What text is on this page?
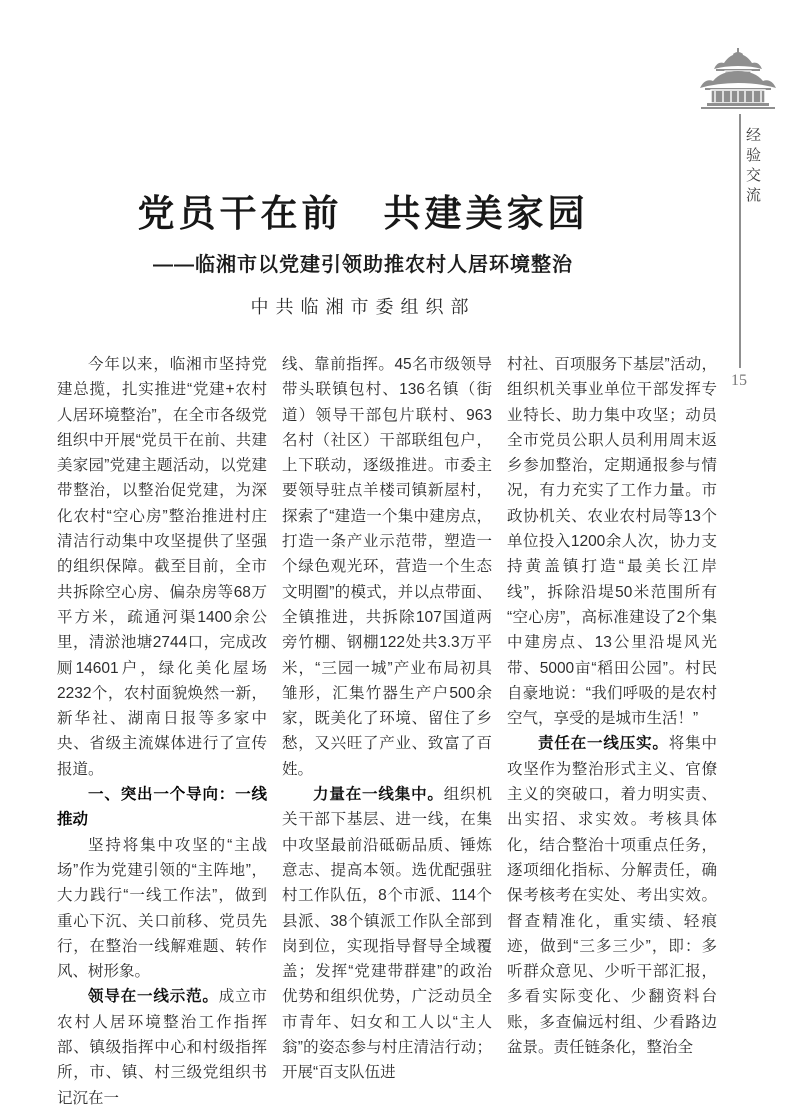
经验交流
15
党员干在前　共建美家园
——临湘市以党建引领助推农村人居环境整治
中共临湘市委组织部

今年以来，临湘市坚持党建总揽，扎实推进“党建+农村人居环境整治”，在全市各级党组织中开展“党员干在前、共建美家园”党建主题活动，以党建带整治，以整治促党建，为深化农村“空心房”整治推进村庄清洁行动集中攻坚提供了坚强的组织保障。截至目前，全市共拆除空心房、偏杂房等68万平方米，疏通河渠1400余公里，清淤池塘2744口，完成改厕14601户，绿化美化屋场2232个，农村面貌焕然一新，新华社、湖南日报等多家中央、省级主流媒体进行了宣传报道。

一、突出一个导向：一线推动

坚持将集中攻坚的“主战场”作为党建引领的“主阵地”，大力践行“一线工作法”，做到重心下沉、关口前移、党员先行，在整治一线解难题、转作风、树形象。

领导在一线示范。成立市农村人居环境整治工作指挥部、镇级指挥中心和村级指挥所，市、镇、村三级党组织书记沉在一

线、靠前指挥。45名市级领导带头联镇包村、136名镇（街道）领导干部包片联村、963名村（社区）干部联组包户，上下联动，逐级推进。市委主要领导驻点羊楼司镇新屋村，探索了“建造一个集中建房点，打造一条产业示范带，塑造一个绿色观光环，营造一个生态文明圈”的模式，并以点带面、全镇推进，共拆除107国道两旁竹棚、钢棚122处共3.3万平米，“三园一城”产业布局初具雏形，汇集竹器生产户500余家，既美化了环境、留住了乡愁，又兴旺了产业、致富了百姓。

力量在一线集中。组织机关干部下基层、进一线，在集中攻坚最前沿砥砺品质、锤炼意志、提高本领。选优配强驻村工作队伍，8个市派、114个县派、38个镇派工作队全部到岗到位，实现指导督导全域覆盖；发挥“党建带群建”的政治优势和组织优势，广泛动员全市青年、妇女和工人以“主人翁”的姿态参与村庄清洁行动；开展“百支队伍进

村社、百项服务下基层”活动，组织机关事业单位干部发挥专业特长、助力集中攻坚；动员全市党员公职人员利用周末返乡参加整治，定期通报参与情况，有力充实了工作力量。市政协机关、农业农村局等13个单位投入1200余人次，协力支持黄盖镇打造“最美长江岸线”，拆除沿堤50米范围所有“空心房”，高标准建设了2个集中建房点、13公里沿堤风光带、5000亩“稻田公园”。村民自豪地说：“我们呼吸的是农村空气，享受的是城市生活！”

责任在一线压实。将集中攻坚作为整治形式主义、官僚主义的突破口，着力明实责、出实招、求实效。考核具体化，结合整治十项重点任务，逐项细化指标、分解责任，确保考核考在实处、考出实效。督查精准化，重实绩、轻痕迹，做到“三多三少”，即：多听群众意见、少听干部汇报，多看实际变化、少翻资料台账，多查偏远村组、少看路边盆景。责任链条化，整治全
